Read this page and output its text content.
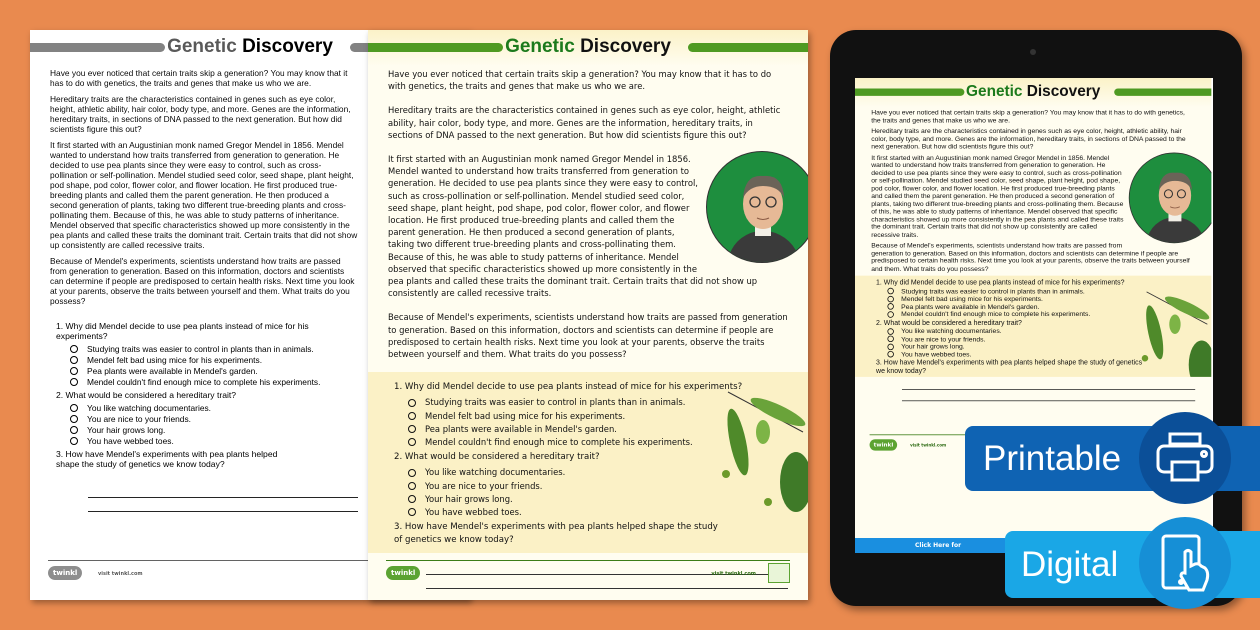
Genetic Discovery

Have you ever noticed that certain traits skip a generation? You may know that it has to do with genetics, the traits and genes that make us who we are.

Hereditary traits are the characteristics contained in genes such as eye color, height, athletic ability, hair color, body type, and more. Genes are the information, hereditary traits, in sections of DNA passed to the next generation. But how did scientists figure this out?

It first started with an Augustinian monk named Gregor Mendel in 1856. Mendel wanted to understand how traits transferred from generation to generation. He decided to use pea plants since they were easy to control, such as cross-pollination or self-pollination. Mendel studied seed color, seed shape, plant height, pod shape, pod color, flower color, and flower location. He first produced true-breeding plants and called them the parent generation. He then produced a second generation of plants, taking two different true-breeding plants and cross-pollinating them. Because of this, he was able to study patterns of inheritance. Mendel observed that specific characteristics showed up more consistently in the pea plants and called these traits the dominant trait. Certain traits that did not show up consistently are called recessive traits.

Because of Mendel's experiments, scientists understand how traits are passed from generation to generation. Based on this information, doctors and scientists can determine if people are predisposed to certain health risks. Next time you look at your parents, observe the traits between yourself and them. What traits do you possess?

1. Why did Mendel decide to use pea plants instead of mice for his experiments?
Studying traits was easier to control in plants than in animals.
Mendel felt bad using mice for his experiments.
Pea plants were available in Mendel's garden.
Mendel couldn't find enough mice to complete his experiments.
2. What would be considered a hereditary trait?
You like watching documentaries.
You are nice to your friends.
Your hair grows long.
You have webbed toes.
3. How have Mendel's experiments with pea plants helped shape the study of genetics we know today?
twinkl	visit twinkl.com
Genetic Discovery

Have you ever noticed that certain traits skip a generation? You may know that it has to do with genetics, the traits and genes that make us who we are.

Hereditary traits are the characteristics contained in genes such as eye color, height, athletic ability, hair color, body type, and more. Genes are the information, hereditary traits, in sections of DNA passed to the next generation. But how did scientists figure this out?

It first started with an Augustinian monk named Gregor Mendel in 1856. Mendel wanted to understand how traits transferred from generation to generation. He decided to use pea plants since they were easy to control, such as cross-pollination or self-pollination. Mendel studied seed color, seed shape, plant height, pod shape, pod color, flower color, and flower location. He first produced true-breeding plants and called them the parent generation. He then produced a second generation of plants, taking two different true-breeding plants and cross-pollinating them. Because of this, he was able to study patterns of inheritance. Mendel observed that specific characteristics showed up more consistently in the pea plants and called these traits the dominant trait. Certain traits that did not show up consistently are called recessive traits.

Because of Mendel's experiments, scientists understand how traits are passed from generation to generation. Based on this information, doctors and scientists can determine if people are predisposed to certain health risks. Next time you look at your parents, observe the traits between yourself and them. What traits do you possess?

1. Why did Mendel decide to use pea plants instead of mice for his experiments?
Studying traits was easier to control in plants than in animals.
Mendel felt bad using mice for his experiments.
Pea plants were available in Mendel's garden.
Mendel couldn't find enough mice to complete his experiments.
2. What would be considered a hereditary trait?
You like watching documentaries.
You are nice to your friends.
Your hair grows long.
You have webbed toes.
3. How have Mendel's experiments with pea plants helped shape the study of genetics we know today?
twinkl	visit twinkl.com
Genetic Discovery

Have you ever noticed that certain traits skip a generation? You may know that it has to do with genetics, the traits and genes that make us who we are.

Hereditary traits are the characteristics contained in genes such as eye color, height, athletic ability, hair color, body type, and more. Genes are the information, hereditary traits, in sections of DNA passed to the next generation. But how did scientists figure this out?

It first started with an Augustinian monk named Gregor Mendel in 1856. Mendel wanted to understand how traits transferred from generation to generation. He decided to use pea plants since they were easy to control, such as cross-pollination or self-pollination. Mendel studied seed color, seed shape, plant height, pod shape, pod color, flower color, and flower location. He first produced true-breeding plants and called them the parent generation. He then produced a second generation of plants, taking two different true-breeding plants and cross-pollinating them. Because of this, he was able to study patterns of inheritance. Mendel observed that specific characteristics showed up more consistently in the pea plants and called these traits the dominant trait. Certain traits that did not show up consistently are called recessive traits.

Because of Mendel's experiments, scientists understand how traits are passed from generation to generation. Based on this information, doctors and scientists can determine if people are predisposed to certain health risks. Next time you look at your parents, observe the traits between yourself and them. What traits do you possess?

1. Why did Mendel decide to use pea plants instead of mice for his experiments?
Studying traits was easier to control in plants than in animals.
Mendel felt bad using mice for his experiments.
Pea plants were available in Mendel's garden.
Mendel couldn't find enough mice to complete his experiments.
2. What would be considered a hereditary trait?
You like watching documentaries.
You are nice to your friends.
Your hair grows long.
You have webbed toes.
3. How have Mendel's experiments with pea plants helped shape the study of genetics we know today?
twinkl	visit twinkl.com
Click Here for
Printable
Digital
